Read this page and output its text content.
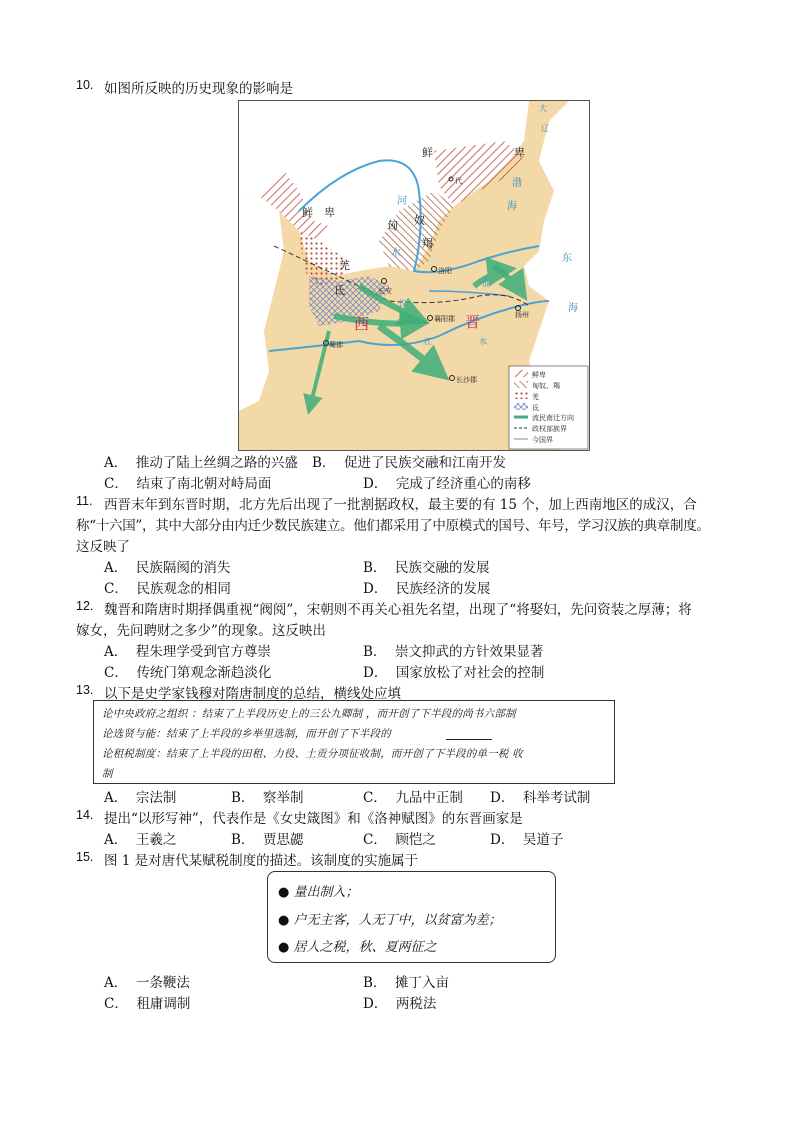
10. 如图所反映的历史现象的影响是
鲜	卑
鲜 卑
匈 奴
羯
羌
氐
代
洛阳
长安
襄阳郡	扬州
蜀郡
长沙郡
西	晋
渤
海
东
海
河
水
大
辽
淮
汉
江	水
鲜卑
匈奴、羯
羌
氐
流民南迁方向
政权部族界
今国界
A． 推动了陆上丝绸之路的兴盛 B． 促进了民族交融和江南开发
C． 结束了南北朝对峙局面	D． 完成了经济重心的南移
11. 西晋末年到东晋时期，北方先后出现了一批割据政权，最主要的有 15 个，加上西南地区的成汉，合
称“十六国”，其中大部分由内迁少数民族建立。他们都采用了中原模式的国号、年号，学习汉族的典章制度。
这反映了
A． 民族隔阂的消失	B． 民族交融的发展
C． 民族观念的相同	D． 民族经济的发展
12. 魏晋和隋唐时期择偶重视“阀阅”，宋朝则不再关心祖先名望，出现了“将娶妇，先问资装之厚薄；将
嫁女，先问聘财之多少”的现象。这反映出
A． 程朱理学受到官方尊崇	B． 崇文抑武的方针效果显著
C． 传统门第观念渐趋淡化	D． 国家放松了对社会的控制
13. 以下是史学家钱穆对隋唐制度的总结，横线处应填
论中央政府之组织 ：结束了上半段历史上的三公九卿制 ，而开创了下半段的尚书六部制
论选贤与能：结束了上半段的乡举里选制，而开创了下半段的
论租税制度：结束了上半段的田租、力役、土贡分项征收制，而开创了下半段的单一税 收
制
A． 宗法制	B． 察举制	C． 九品中正制 D． 科举考试制
14. 提出“以形写神”，代表作是《女史箴图》和《洛神赋图》的东晋画家是
A． 王羲之	B． 贾思勰	C． 顾恺之	D． 吴道子
15. 图 1 是对唐代某赋税制度的描述。该制度的实施属于
● 量出制入；
● 户无主客，人无丁中，以贫富为差；
● 居人之税，秋、夏两征之
A． 一条鞭法	B． 摊丁入亩
C． 租庸调制	D． 两税法
